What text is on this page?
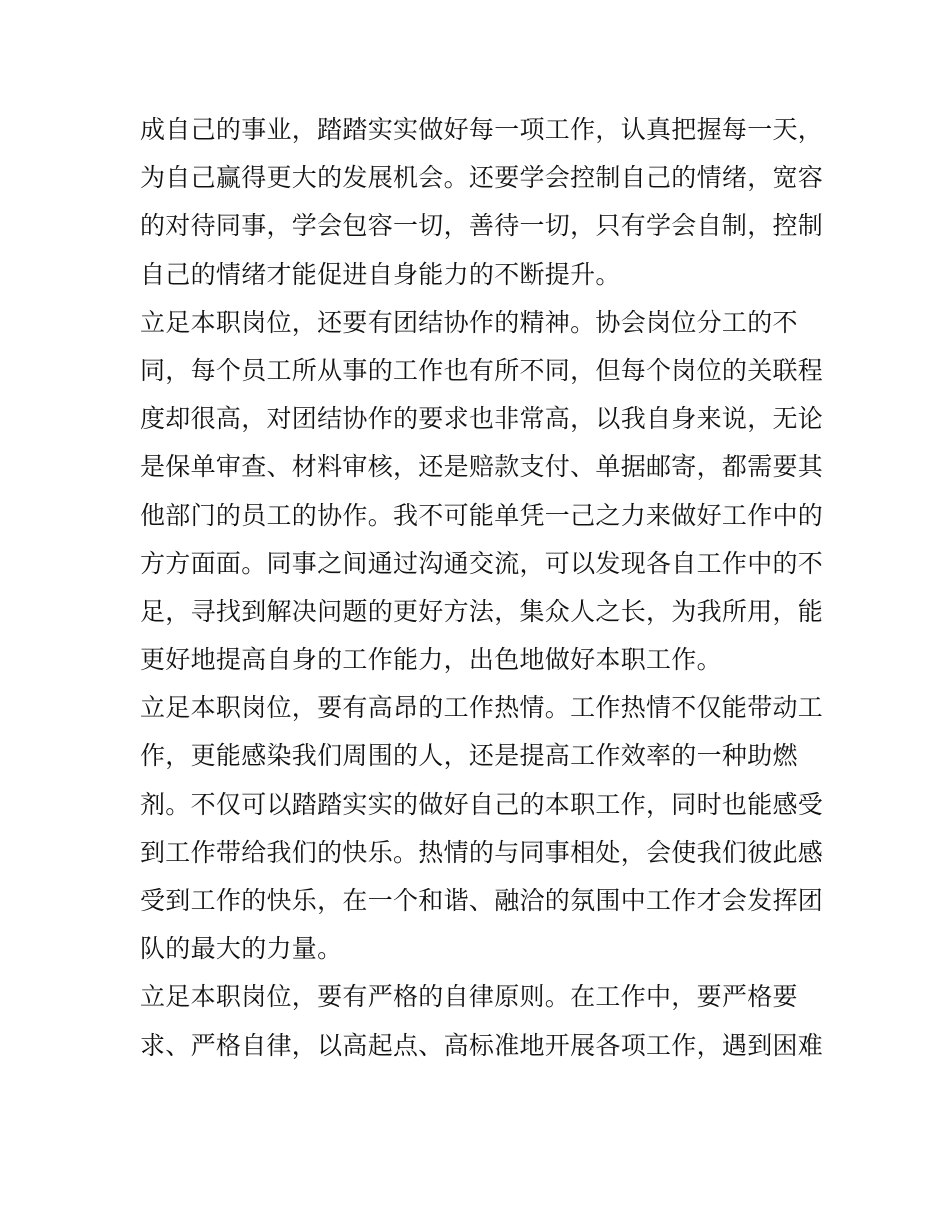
成自己的事业，踏踏实实做好每一项工作，认真把握每一天，
为自己赢得更大的发展机会。还要学会控制自己的情绪，宽容
的对待同事，学会包容一切，善待一切，只有学会自制，控制
自己的情绪才能促进自身能力的不断提升。
立足本职岗位，还要有团结协作的精神。协会岗位分工的不
同，每个员工所从事的工作也有所不同，但每个岗位的关联程
度却很高，对团结协作的要求也非常高，以我自身来说，无论
是保单审查、材料审核，还是赔款支付、单据邮寄，都需要其
他部门的员工的协作。我不可能单凭一己之力来做好工作中的
方方面面。同事之间通过沟通交流，可以发现各自工作中的不
足，寻找到解决问题的更好方法，集众人之长，为我所用，能
更好地提高自身的工作能力，出色地做好本职工作。
立足本职岗位，要有高昂的工作热情。工作热情不仅能带动工
作，更能感染我们周围的人，还是提高工作效率的一种助燃
剂。不仅可以踏踏实实的做好自己的本职工作，同时也能感受
到工作带给我们的快乐。热情的与同事相处，会使我们彼此感
受到工作的快乐，在一个和谐、融洽的氛围中工作才会发挥团
队的最大的力量。
立足本职岗位，要有严格的自律原则。在工作中，要严格要
求、严格自律，以高起点、高标准地开展各项工作，遇到困难
